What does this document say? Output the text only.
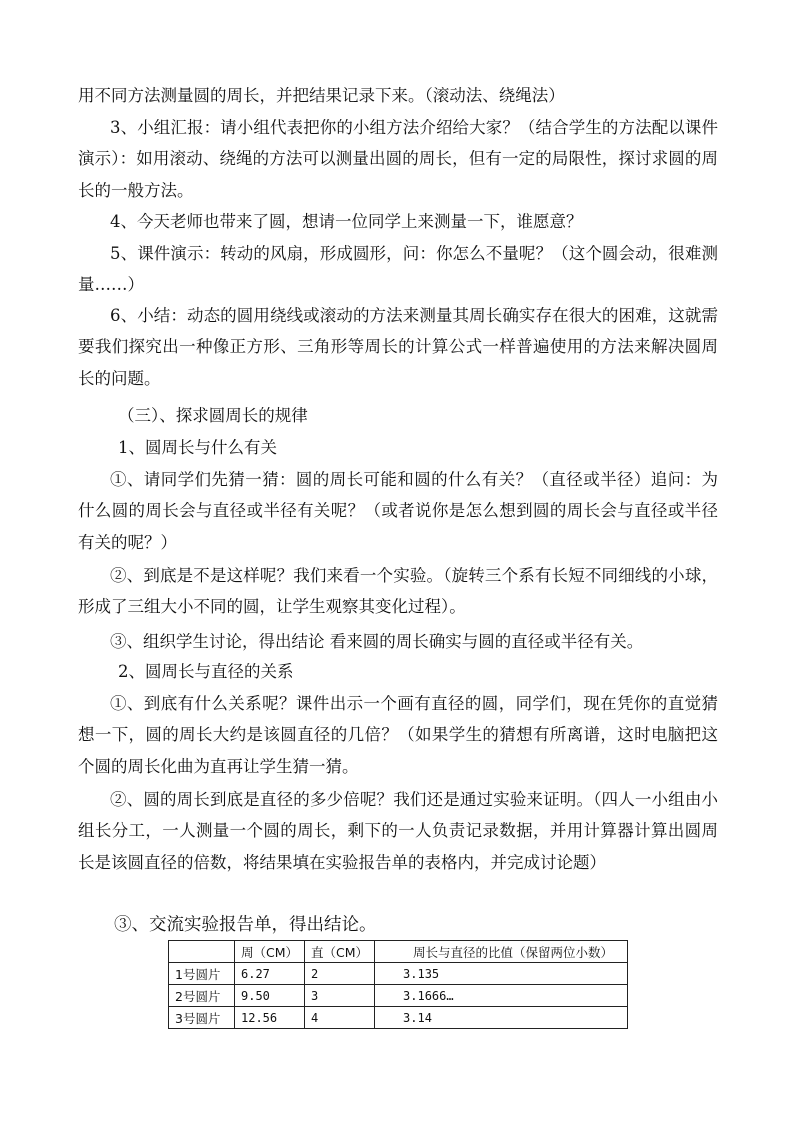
用不同方法测量圆的周长，并把结果记录下来。（滚动法、绕绳法）

3、小组汇报：请小组代表把你的小组方法介绍给大家？（结合学生的方法配以课件演示）：如用滚动、绕绳的方法可以测量出圆的周长，但有一定的局限性，探讨求圆的周长的一般方法。

4、今天老师也带来了圆，想请一位同学上来测量一下，谁愿意？

5、课件演示：转动的风扇，形成圆形，问：你怎么不量呢？（这个圆会动，很难测量……）

6、小结：动态的圆用绕线或滚动的方法来测量其周长确实存在很大的困难，这就需要我们探究出一种像正方形、三角形等周长的计算公式一样普遍使用的方法来解决圆周长的问题。

（三）、探求圆周长的规律
1、圆周长与什么有关

①、请同学们先猜一猜：圆的周长可能和圆的什么有关？（直径或半径）追问：为什么圆的周长会与直径或半径有关呢？（或者说你是怎么想到圆的周长会与直径或半径有关的呢？）

②、到底是不是这样呢？我们来看一个实验。（旋转三个系有长短不同细线的小球，形成了三组大小不同的圆，让学生观察其变化过程）。

③、组织学生讨论，得出结论 看来圆的周长确实与圆的直径或半径有关。

2、圆周长与直径的关系

①、到底有什么关系呢？课件出示一个画有直径的圆，同学们，现在凭你的直觉猜想一下，圆的周长大约是该圆直径的几倍？（如果学生的猜想有所离谱，这时电脑把这个圆的周长化曲为直再让学生猜一猜。

②、圆的周长到底是直径的多少倍呢？我们还是通过实验来证明。（四人一小组由小组长分工，一人测量一个圆的周长，剩下的一人负责记录数据，并用计算器计算出圆周长是该圆直径的倍数，将结果填在实验报告单的表格内，并完成讨论题）

③、交流实验报告单，得出结论。
	周（CM）	直（CM）	周长与直径的比值（保留两位小数）
1号圆片	6.27	2	3.135
2号圆片	9.50	3	3.1666…
3号圆片	12.56	4	3.14
